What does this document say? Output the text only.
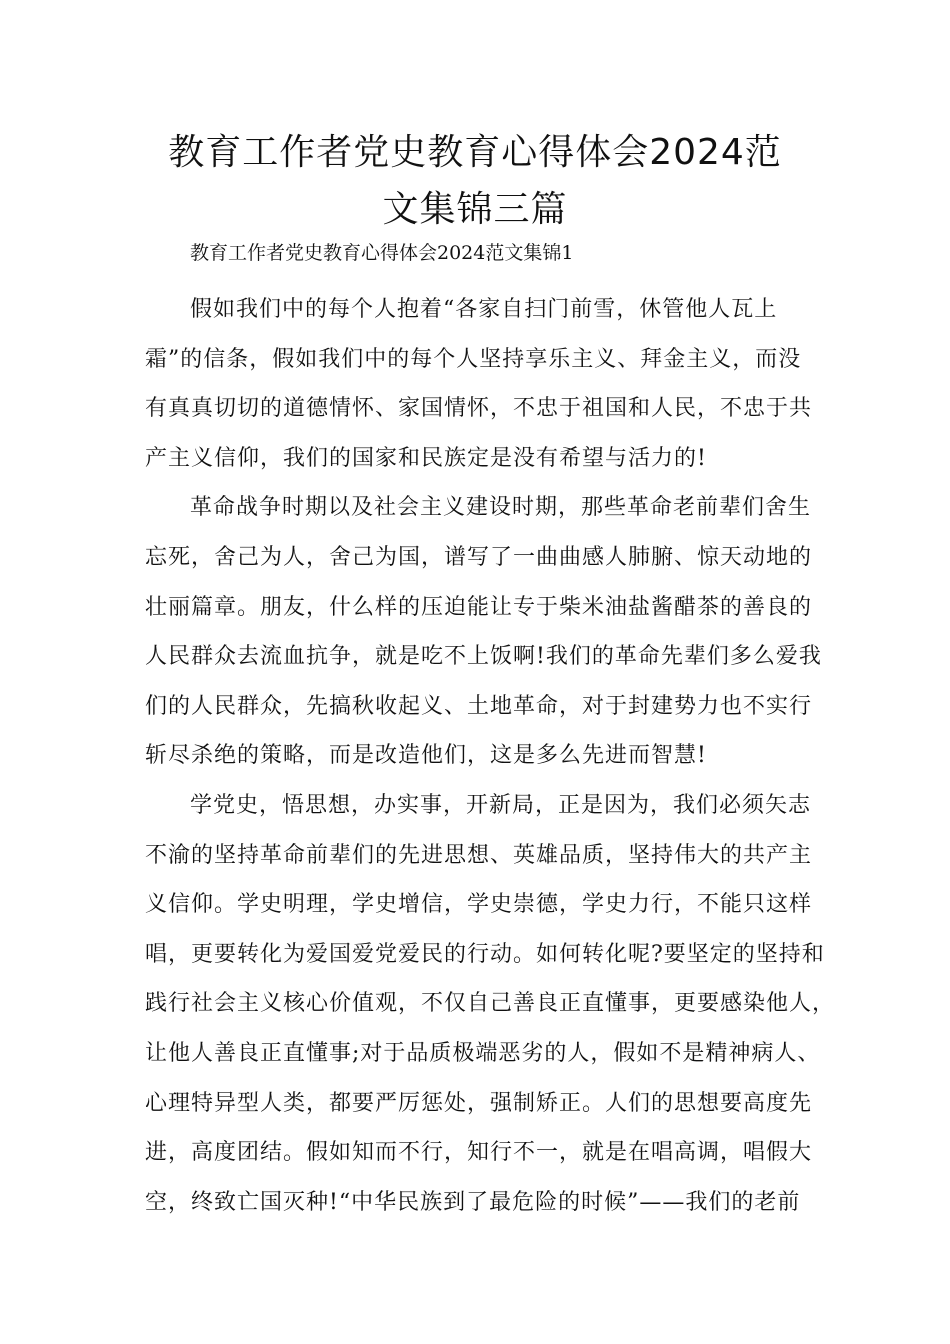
教育工作者党史教育心得体会2024范
文集锦三篇

教育工作者党史教育心得体会2024范文集锦1

假如我们中的每个人抱着“各家自扫门前雪，休管他人瓦上
霜”的信条，假如我们中的每个人坚持享乐主义、拜金主义，而没
有真真切切的道德情怀、家国情怀，不忠于祖国和人民，不忠于共
产主义信仰，我们的国家和民族定是没有希望与活力的!
革命战争时期以及社会主义建设时期，那些革命老前辈们舍生
忘死，舍己为人，舍己为国，谱写了一曲曲感人肺腑、惊天动地的
壮丽篇章。朋友，什么样的压迫能让专于柴米油盐酱醋茶的善良的
人民群众去流血抗争，就是吃不上饭啊!我们的革命先辈们多么爱我
们的人民群众，先搞秋收起义、土地革命，对于封建势力也不实行
斩尽杀绝的策略，而是改造他们，这是多么先进而智慧!
学党史，悟思想，办实事，开新局，正是因为，我们必须矢志
不渝的坚持革命前辈们的先进思想、英雄品质，坚持伟大的共产主
义信仰。学史明理，学史增信，学史崇德，学史力行，不能只这样
唱，更要转化为爱国爱党爱民的行动。如何转化呢?要坚定的坚持和
践行社会主义核心价值观，不仅自己善良正直懂事，更要感染他人，
让他人善良正直懂事;对于品质极端恶劣的人，假如不是精神病人、
心理特异型人类，都要严厉惩处，强制矫正。人们的思想要高度先
进，高度团结。假如知而不行，知行不一，就是在唱高调，唱假大
空，终致亡国灭种!“中华民族到了最危险的时候”——我们的老前
